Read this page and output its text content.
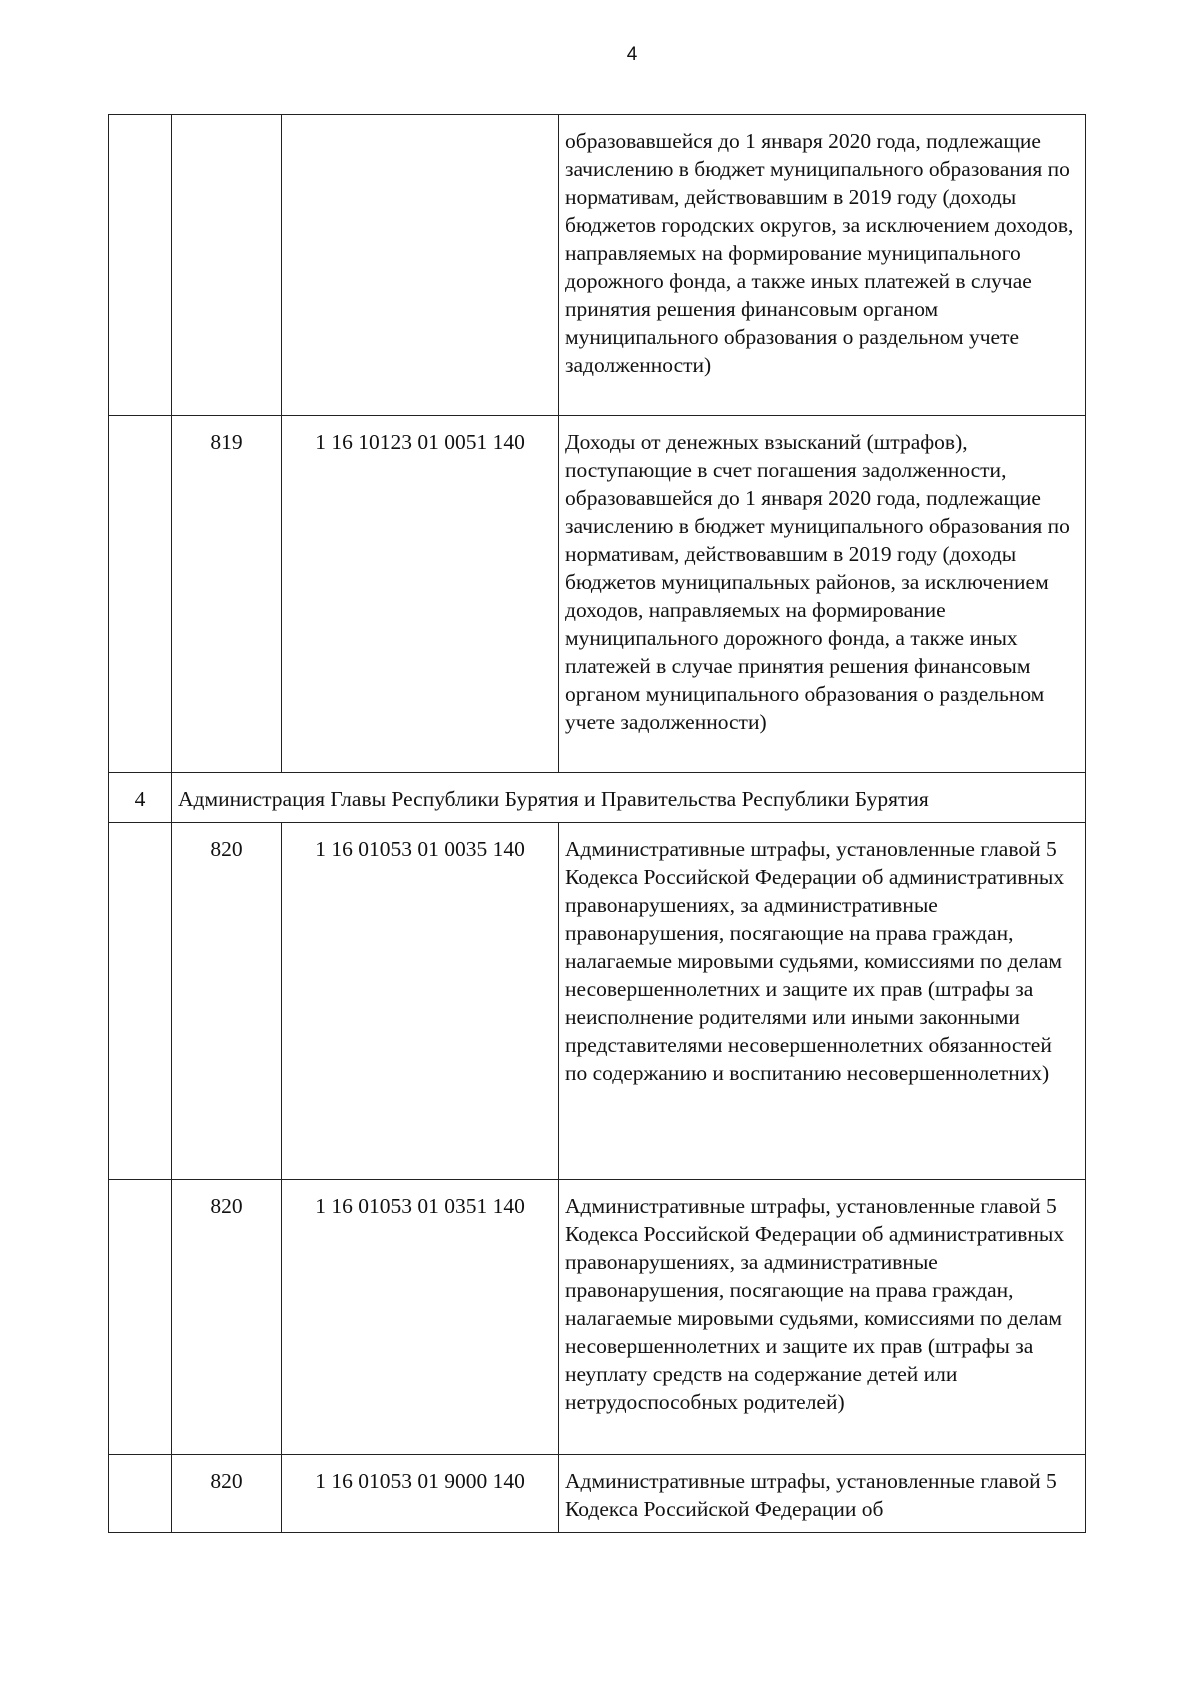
4
			образовавшейся до 1 января 2020 года, подлежащие зачислению в бюджет муниципального образования по нормативам, действовавшим в 2019 году (доходы бюджетов городских округов, за исключением доходов, направляемых на формирование муниципального дорожного фонда, а также иных платежей в случае принятия решения финансовым органом муниципального образования о раздельном учете задолженности)
	819	1 16 10123 01 0051 140	Доходы от денежных взысканий (штрафов), поступающие в счет погашения задолженности, образовавшейся до 1 января 2020 года, подлежащие зачислению в бюджет муниципального образования по нормативам, действовавшим в 2019 году (доходы бюджетов муниципальных районов, за исключением доходов, направляемых на формирование муниципального дорожного фонда, а также иных платежей в случае принятия решения финансовым органом муниципального образования о раздельном учете задолженности)
4	Администрация Главы Республики Бурятия и Правительства Республики Бурятия		
	820	1 16 01053 01 0035 140	Административные штрафы, установленные главой 5 Кодекса Российской Федерации об административных правонарушениях, за административные правонарушения, посягающие на права граждан, налагаемые мировыми судьями, комиссиями по делам несовершеннолетних и защите их прав (штрафы за неисполнение родителями или иными законными представителями несовершеннолетних обязанностей по содержанию и воспитанию несовершеннолетних)
	820	1 16 01053 01 0351 140	Административные штрафы, установленные главой 5 Кодекса Российской Федерации об административных правонарушениях, за административные правонарушения, посягающие на права граждан, налагаемые мировыми судьями, комиссиями по делам несовершеннолетних и защите их прав (штрафы за неуплату средств на содержание детей или нетрудоспособных родителей)
	820	1 16 01053 01 9000 140	Административные штрафы, установленные главой 5 Кодекса Российской Федерации об
